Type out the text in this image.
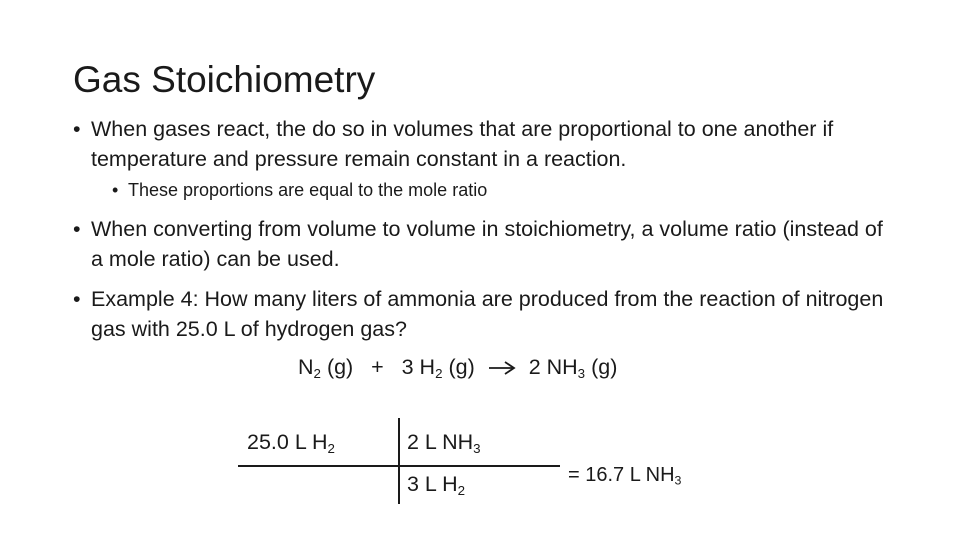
Gas Stoichiometry
• When gases react, the do so in volumes that are proportional to one another if temperature and pressure remain constant in a reaction.
• These proportions are equal to the mole ratio
• When converting from volume to volume in stoichiometry, a volume ratio (instead of a mole ratio) can be used.
• Example 4: How many liters of ammonia are produced from the reaction of nitrogen gas with 25.0 L of hydrogen gas?
$N_2$ (g) + 3 $H_2$ (g)	2 $NH_3$ (g)
25.0 L $H_2$	2 L $NH_3$
3 L $H_2$
= 16.7 L $NH_3$
